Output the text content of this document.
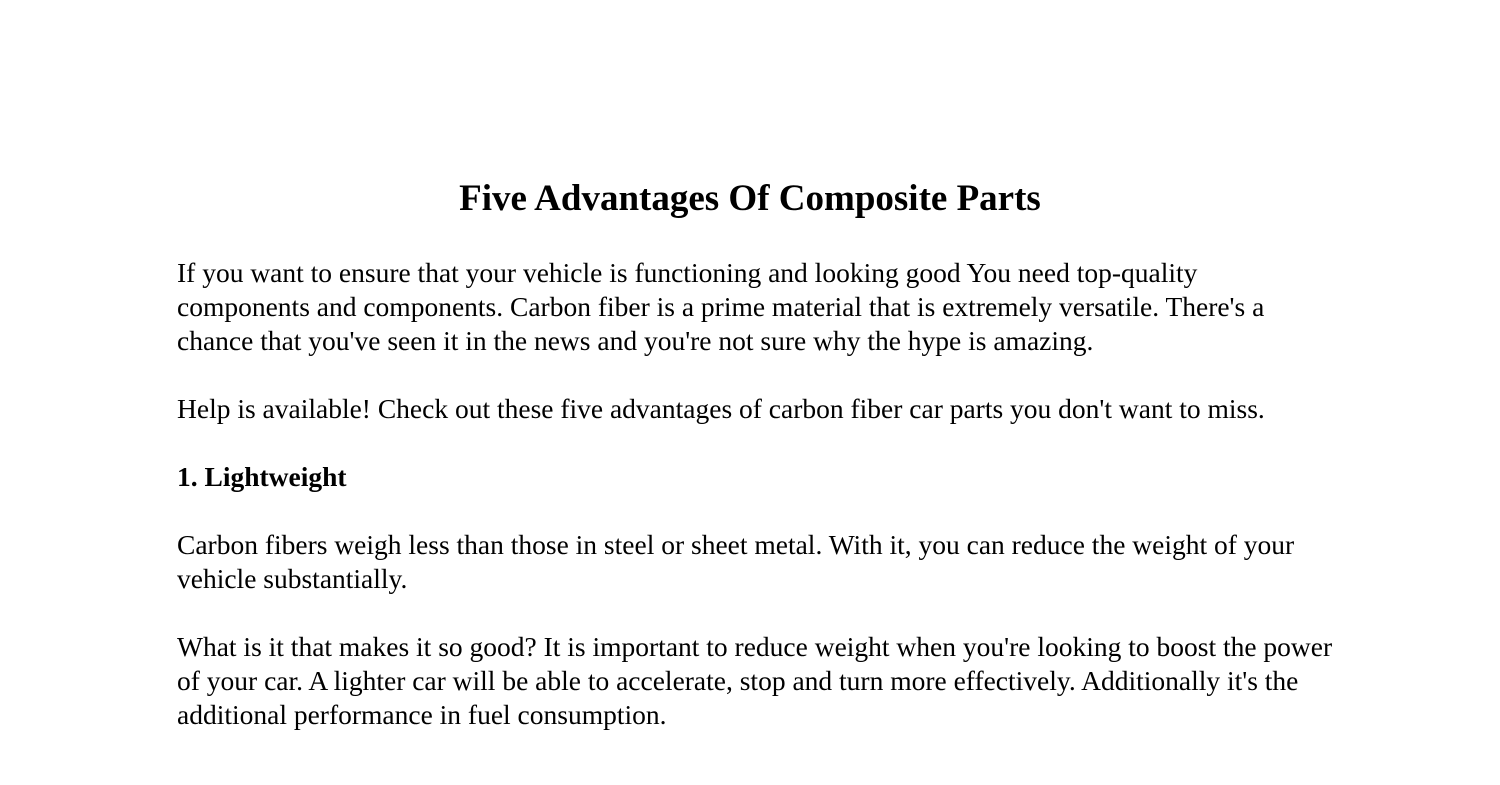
Five Advantages Of Composite Parts

If you want to ensure that your vehicle is functioning and looking good You need top-quality components and components. Carbon fiber is a prime material that is extremely versatile. There's a chance that you've seen it in the news and you're not sure why the hype is amazing.

Help is available! Check out these five advantages of carbon fiber car parts you don't want to miss.

1. Lightweight

Carbon fibers weigh less than those in steel or sheet metal. With it, you can reduce the weight of your vehicle substantially.

What is it that makes it so good? It is important to reduce weight when you're looking to boost the power of your car. A lighter car will be able to accelerate, stop and turn more effectively. Additionally it's the additional performance in fuel consumption.
